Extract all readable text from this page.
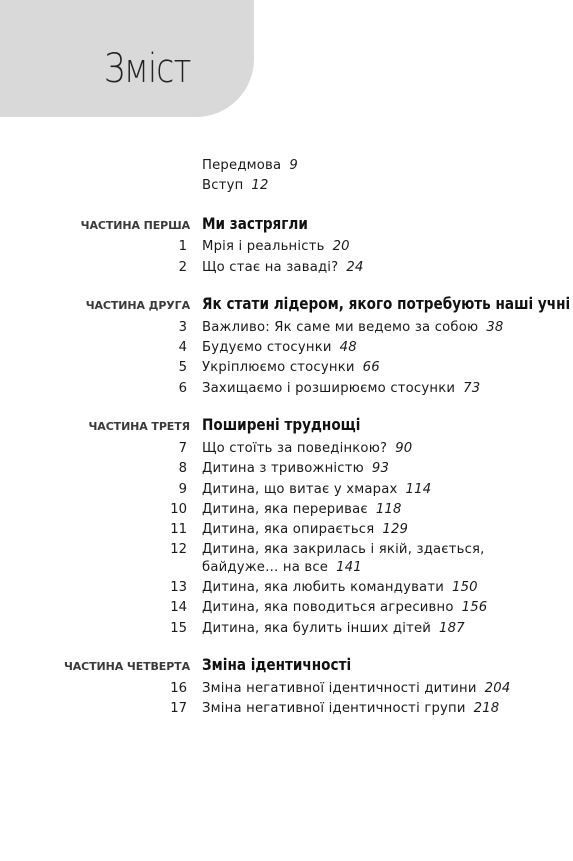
Зміст
Передмова 9
Вступ 12
ЧАСТИНА ПЕРША Ми застрягли
1 Мрія і реальність 20
2 Що стає на заваді? 24
ЧАСТИНА ДРУГА Як стати лідером, якого потребують наші учні
3 Важливо: Як саме ми ведемо за собою 38
4 Будуємо стосунки 48
5 Укріплюємо стосунки 66
6 Захищаємо і розширюємо стосунки 73
ЧАСТИНА ТРЕТЯ Поширені труднощі
7 Що стоїть за поведінкою? 90
8 Дитина з тривожністю 93
9 Дитина, що витає у хмарах 114
10 Дитина, яка перериває 118
11 Дитина, яка опирається 129
12 Дитина, яка закрилась і якій, здається,
байдуже… на все 141
13 Дитина, яка любить командувати 150
14 Дитина, яка поводиться агресивно 156
15 Дитина, яка булить інших дітей 187
ЧАСТИНА ЧЕТВЕРТА Зміна ідентичності
16 Зміна негативної ідентичності дитини 204
17 Зміна негативної ідентичності групи 218
